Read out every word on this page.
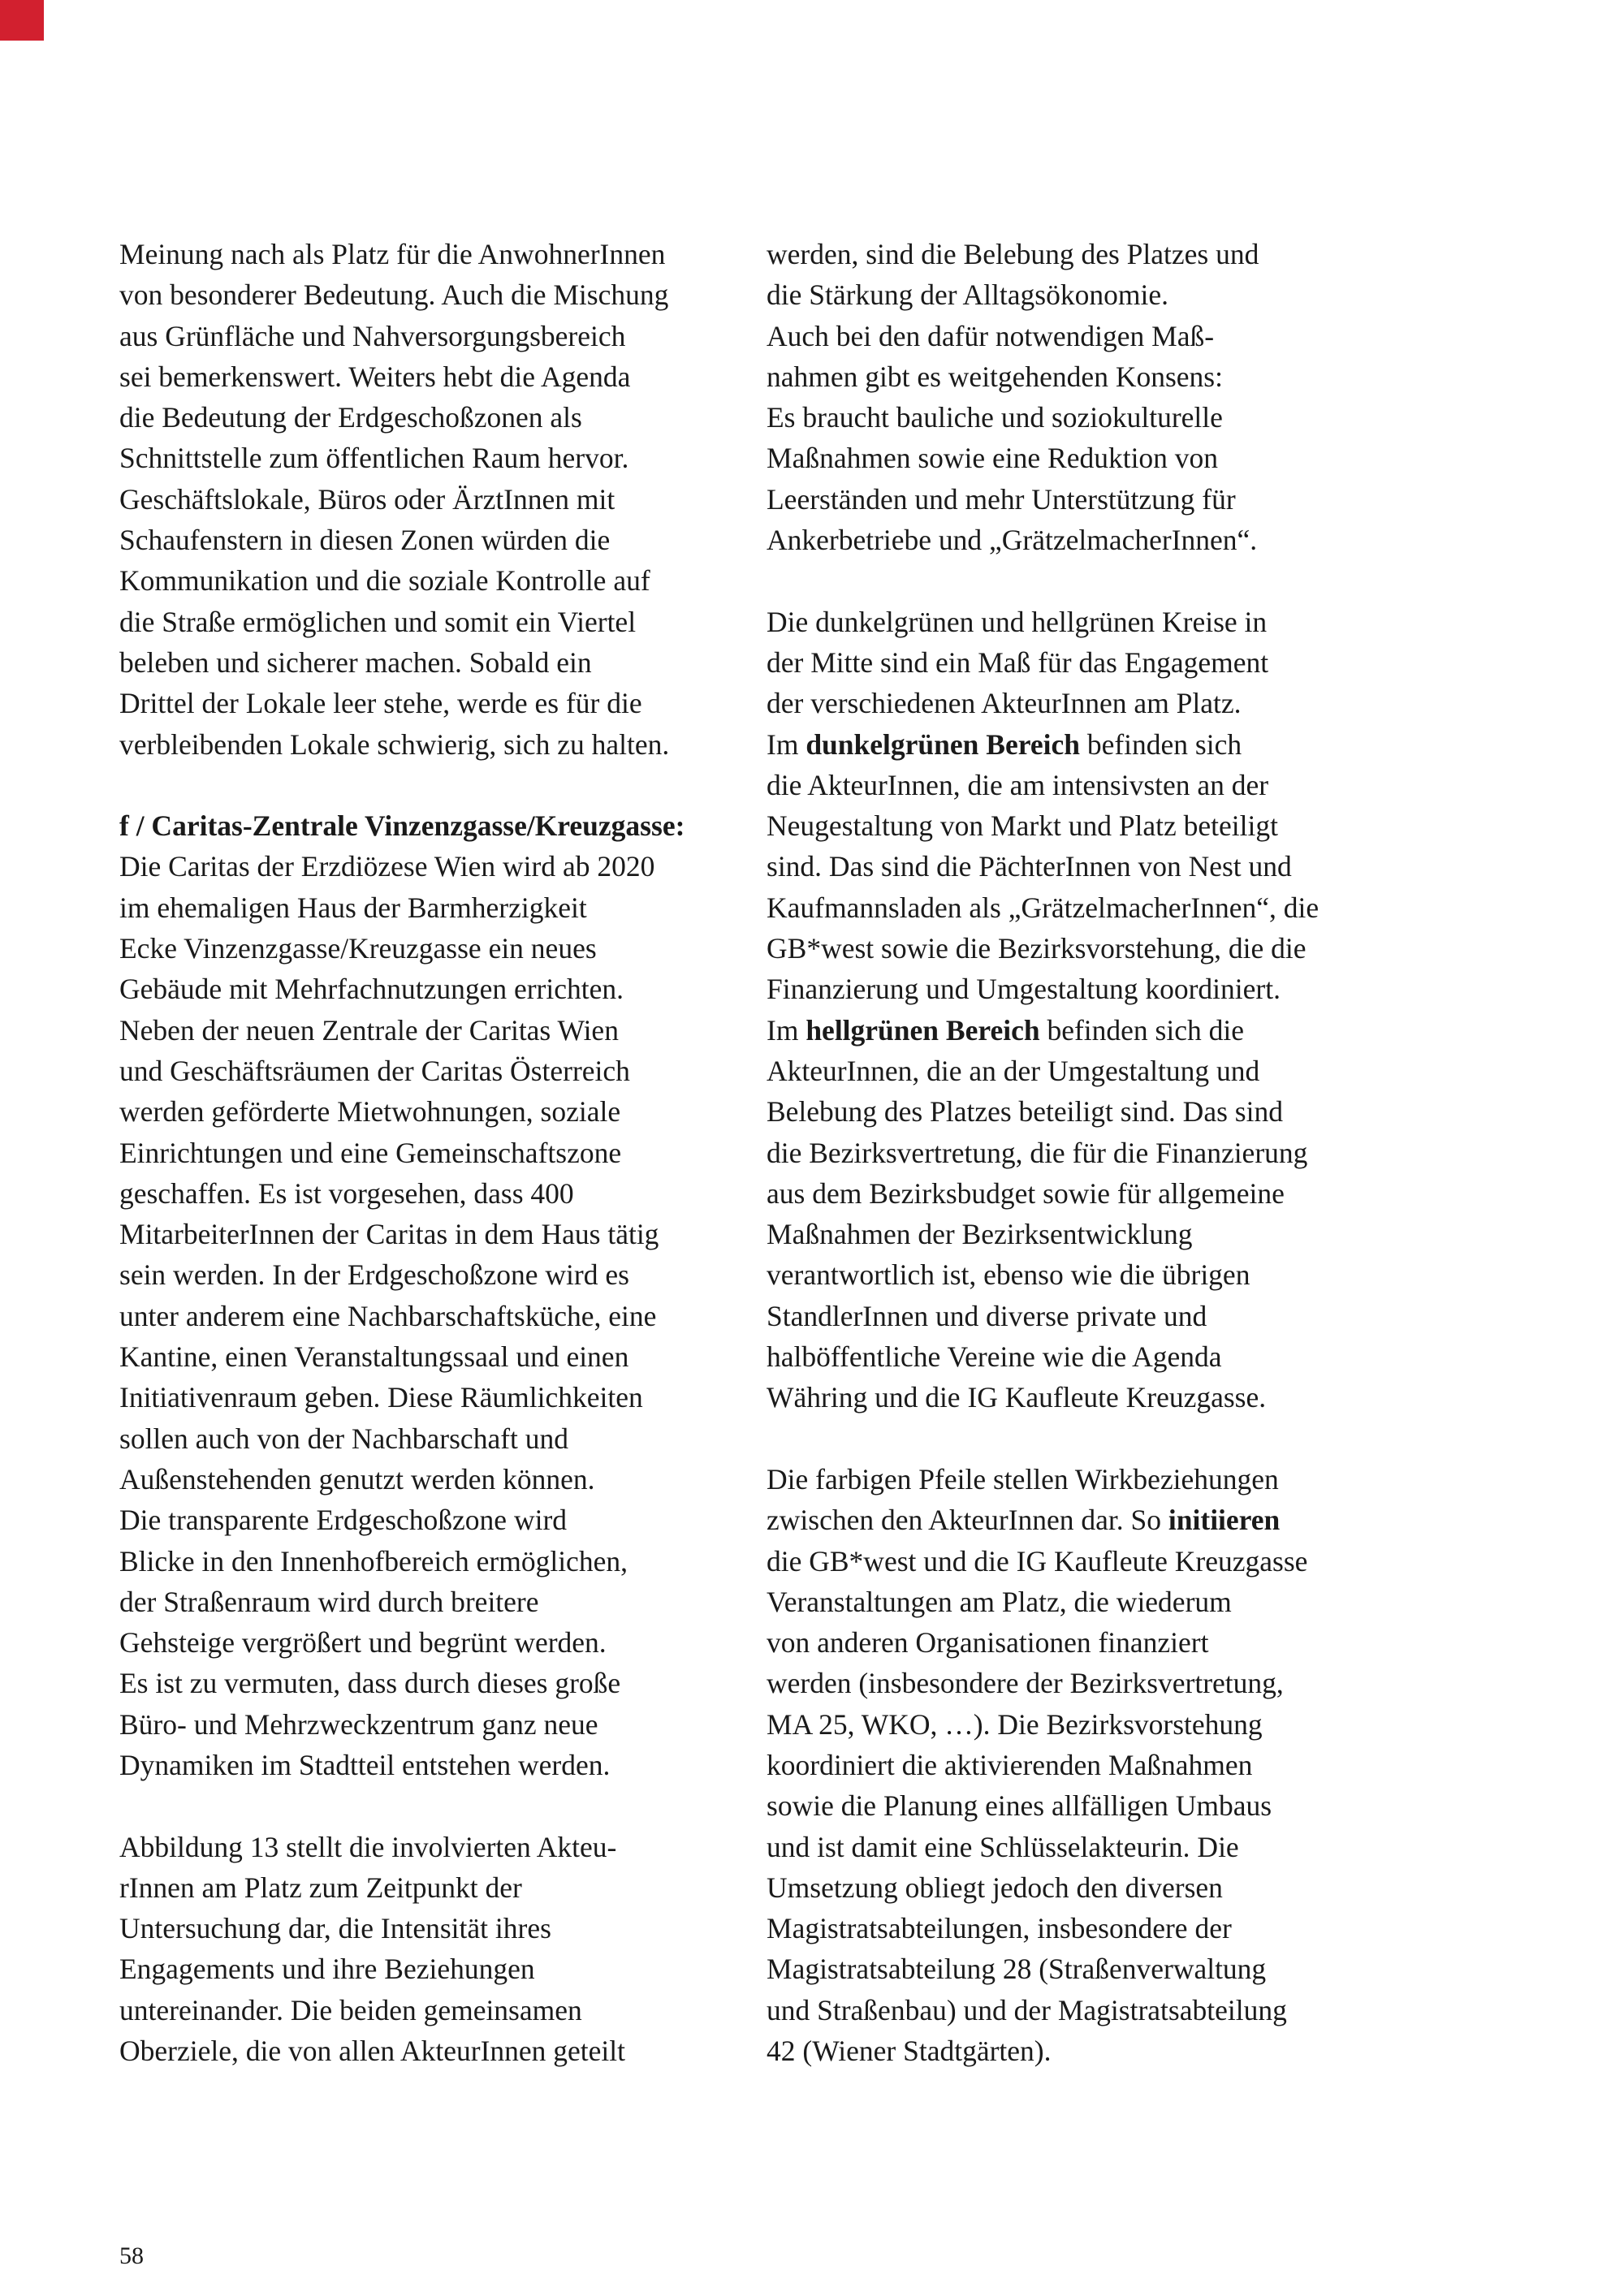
Meinung nach als Platz für die AnwohnerInnen
von besonderer Bedeutung. Auch die Mischung
aus Grünfläche und Nahversorgungsbereich
sei bemerkenswert. Weiters hebt die Agenda
die Bedeutung der Erdgeschoßzonen als
Schnittstelle zum öffentlichen Raum hervor.
Geschäftslokale, Büros oder ÄrztInnen mit
Schaufenstern in diesen Zonen würden die
Kommunikation und die soziale Kontrolle auf
die Straße ermöglichen und somit ein Viertel
beleben und sicherer machen. Sobald ein
Drittel der Lokale leer stehe, werde es für die
verbleibenden Lokale schwierig, sich zu halten.
f / Caritas-Zentrale Vinzenzgasse/Kreuzgasse:
Die Caritas der Erzdiözese Wien wird ab 2020
im ehemaligen Haus der Barmherzigkeit
Ecke Vinzenzgasse/Kreuzgasse ein neues
Gebäude mit Mehrfachnutzungen errichten.
Neben der neuen Zentrale der Caritas Wien
und Geschäftsräumen der Caritas Österreich
werden geförderte Mietwohnungen, soziale
Einrichtungen und eine Gemeinschaftszone
geschaffen. Es ist vorgesehen, dass 400
MitarbeiterInnen der Caritas in dem Haus tätig
sein werden. In der Erdgeschoßzone wird es
unter anderem eine Nachbarschaftsküche, eine
Kantine, einen Veranstaltungssaal und einen
Initiativenraum geben. Diese Räumlichkeiten
sollen auch von der Nachbarschaft und
Außenstehenden genutzt werden können.
Die transparente Erdgeschoßzone wird
Blicke in den Innenhofbereich ermöglichen,
der Straßenraum wird durch breitere
Gehsteige vergrößert und begrünt werden.
Es ist zu vermuten, dass durch dieses große
Büro- und Mehrzweckzentrum ganz neue
Dynamiken im Stadtteil entstehen werden.
Abbildung 13 stellt die involvierten Akteu-
rInnen am Platz zum Zeitpunkt der
Untersuchung dar, die Intensität ihres
Engagements und ihre Beziehungen
untereinander. Die beiden gemeinsamen
Oberziele, die von allen AkteurInnen geteilt
werden, sind die Belebung des Platzes und
die Stärkung der Alltagsökonomie.
Auch bei den dafür notwendigen Maß-
nahmen gibt es weitgehenden Konsens:
Es braucht bauliche und soziokulturelle
Maßnahmen sowie eine Reduktion von
Leerständen und mehr Unterstützung für
Ankerbetriebe und „GrätzelmacherInnen“.
Die dunkelgrünen und hellgrünen Kreise in
der Mitte sind ein Maß für das Engagement
der verschiedenen AkteurInnen am Platz.
Im dunkelgrünen Bereich befinden sich
die AkteurInnen, die am intensivsten an der
Neugestaltung von Markt und Platz beteiligt
sind. Das sind die PächterInnen von Nest und
Kaufmannsladen als „GrätzelmacherInnen“, die
GB*west sowie die Bezirksvorstehung, die die
Finanzierung und Umgestaltung koordiniert.
Im hellgrünen Bereich befinden sich die
AkteurInnen, die an der Umgestaltung und
Belebung des Platzes beteiligt sind. Das sind
die Bezirksvertretung, die für die Finanzierung
aus dem Bezirksbudget sowie für allgemeine
Maßnahmen der Bezirksentwicklung
verantwortlich ist, ebenso wie die übrigen
StandlerInnen und diverse private und
halböffentliche Vereine wie die Agenda
Währing und die IG Kaufleute Kreuzgasse.
Die farbigen Pfeile stellen Wirkbeziehungen
zwischen den AkteurInnen dar. So initiieren
die GB*west und die IG Kaufleute Kreuzgasse
Veranstaltungen am Platz, die wiederum
von anderen Organisationen finanziert
werden (insbesondere der Bezirksvertretung,
MA 25, WKO, …). Die Bezirksvorstehung
koordiniert die aktivierenden Maßnahmen
sowie die Planung eines allfälligen Umbaus
und ist damit eine Schlüsselakteurin. Die
Umsetzung obliegt jedoch den diversen
Magistratsabteilungen, insbesondere der
Magistratsabteilung 28 (Straßenverwaltung
und Straßenbau) und der Magistratsabteilung
42 (Wiener Stadtgärten).
58
